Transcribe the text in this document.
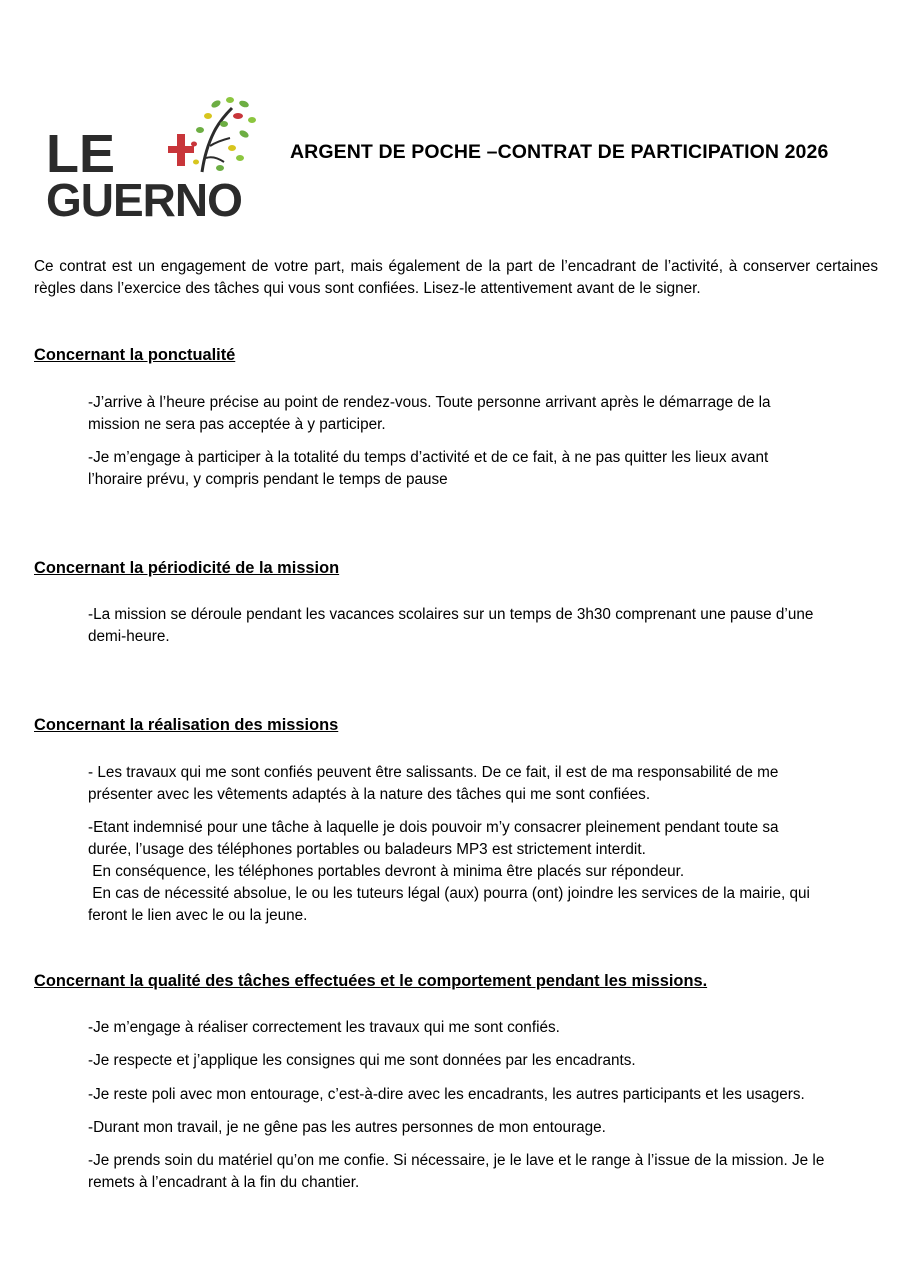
LE
GUERNO
ARGENT DE POCHE –CONTRAT DE PARTICIPATION 2026
Ce contrat est un engagement de votre part, mais également de la part de l’encadrant de l’activité, à conserver certaines règles dans l’exercice des tâches qui vous sont confiées. Lisez-le attentivement avant de le signer.
Concernant la ponctualité
-J’arrive à l’heure précise au point de rendez-vous. Toute personne arrivant après le démarrage de la
mission ne sera pas acceptée à y participer.
-Je m’engage à participer à la totalité du temps d’activité et de ce fait, à ne pas quitter les lieux avant
l’horaire prévu, y compris pendant le temps de pause
Concernant la périodicité de la mission
-La mission se déroule pendant les vacances scolaires sur un temps de 3h30 comprenant une pause d’une
demi-heure.
Concernant la réalisation des missions
- Les travaux qui me sont confiés peuvent être salissants. De ce fait, il est de ma responsabilité de me
présenter avec les vêtements adaptés à la nature des tâches qui me sont confiées.
-Etant indemnisé pour une tâche à laquelle je dois pouvoir m’y consacrer pleinement pendant toute sa
durée, l’usage des téléphones portables ou baladeurs MP3 est strictement interdit.
En conséquence, les téléphones portables devront à minima être placés sur répondeur.
En cas de nécessité absolue, le ou les tuteurs légal (aux) pourra (ont) joindre les services de la mairie, qui
feront le lien avec le ou la jeune.
Concernant la qualité des tâches effectuées et le comportement pendant les missions.
-Je m’engage à réaliser correctement les travaux qui me sont confiés.
-Je respecte et j’applique les consignes qui me sont données par les encadrants.
-Je reste poli avec mon entourage, c’est-à-dire avec les encadrants, les autres participants et les usagers.
-Durant mon travail, je ne gêne pas les autres personnes de mon entourage.
-Je prends soin du matériel qu’on me confie. Si nécessaire, je le lave et le range à l’issue de la mission. Je le
remets à l’encadrant à la fin du chantier.
